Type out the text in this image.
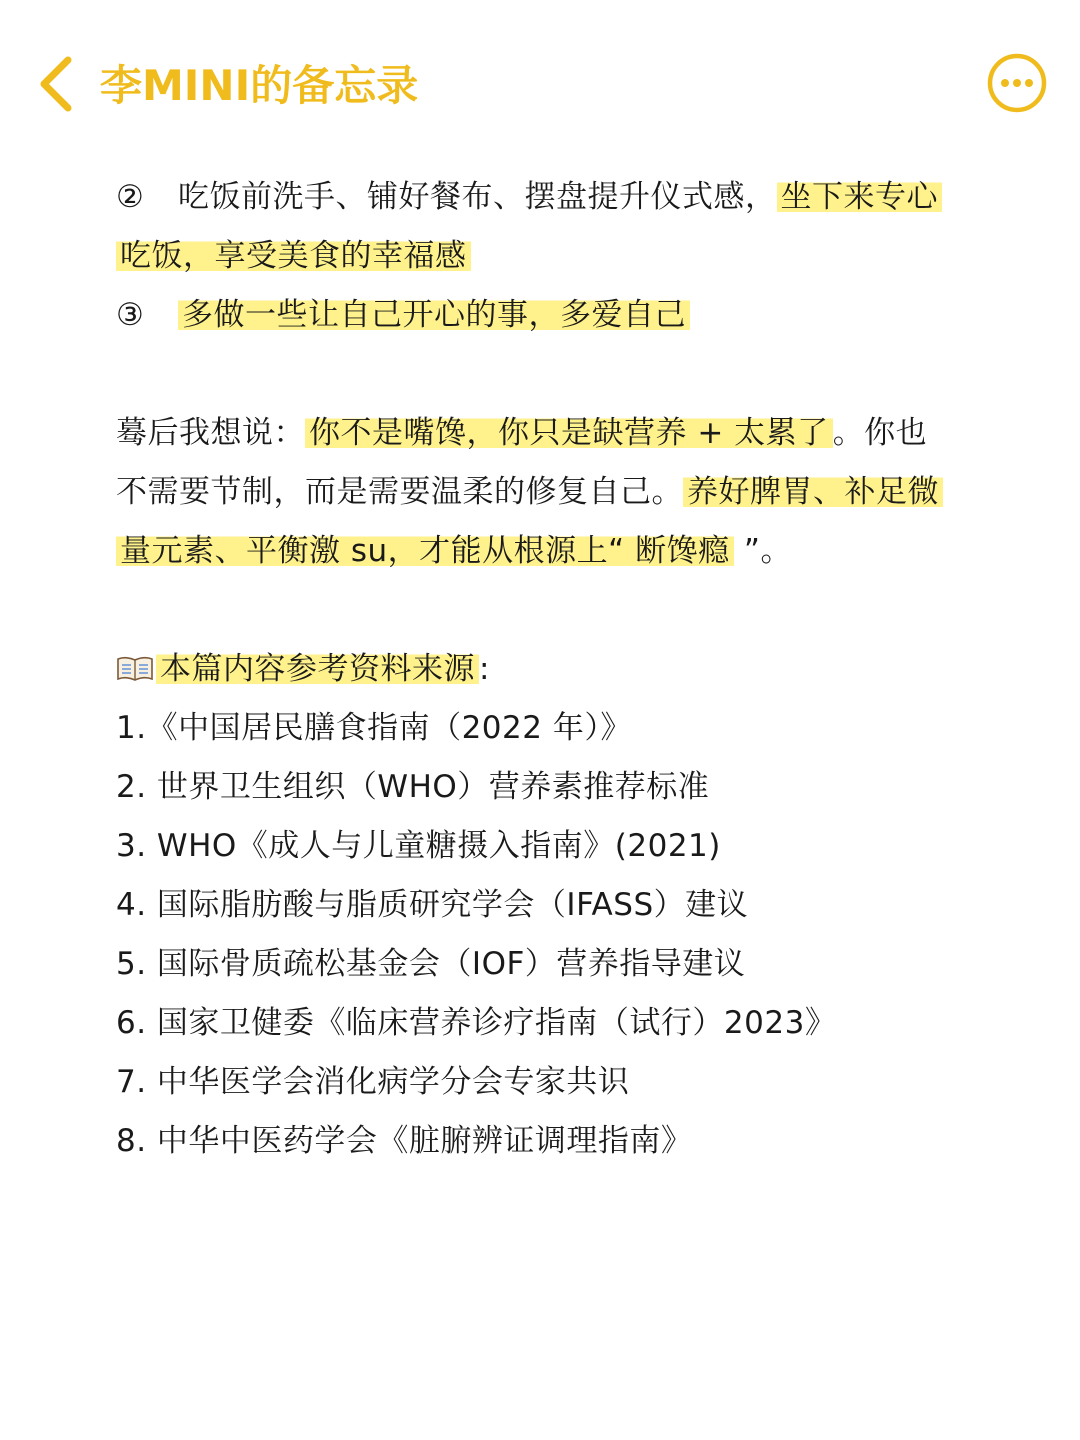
李MINI的备忘录
② 吃饭前洗手、铺好餐布、摆盘提升仪式感， 坐下来专心
吃饭，享受美食的幸福感
③ 多做一些让自己开心的事，多爱自己
蓦后我想说： 你不是嘴馋，你只是缺营养 + 太累了 。你也
不需要节制，而是需要温柔的修复自己。 养好脾胃、补足微
量元素、平衡激 su，才能从根源上“ 断馋瘾 ”。
本篇内容参考资料来源 :
1.《中国居民膳食指南（2022 年）》
2. 世界卫生组织（WHO）营养素推荐标准
3. WHO《成人与儿童糖摄入指南》(2021)
4. 国际脂肪酸与脂质研究学会（IFASS）建议
5. 国际骨质疏松基金会（IOF）营养指导建议
6. 国家卫健委《临床营养诊疗指南（试行）2023》
7. 中华医学会消化病学分会专家共识
8. 中华中医药学会《脏腑辨证调理指南》
